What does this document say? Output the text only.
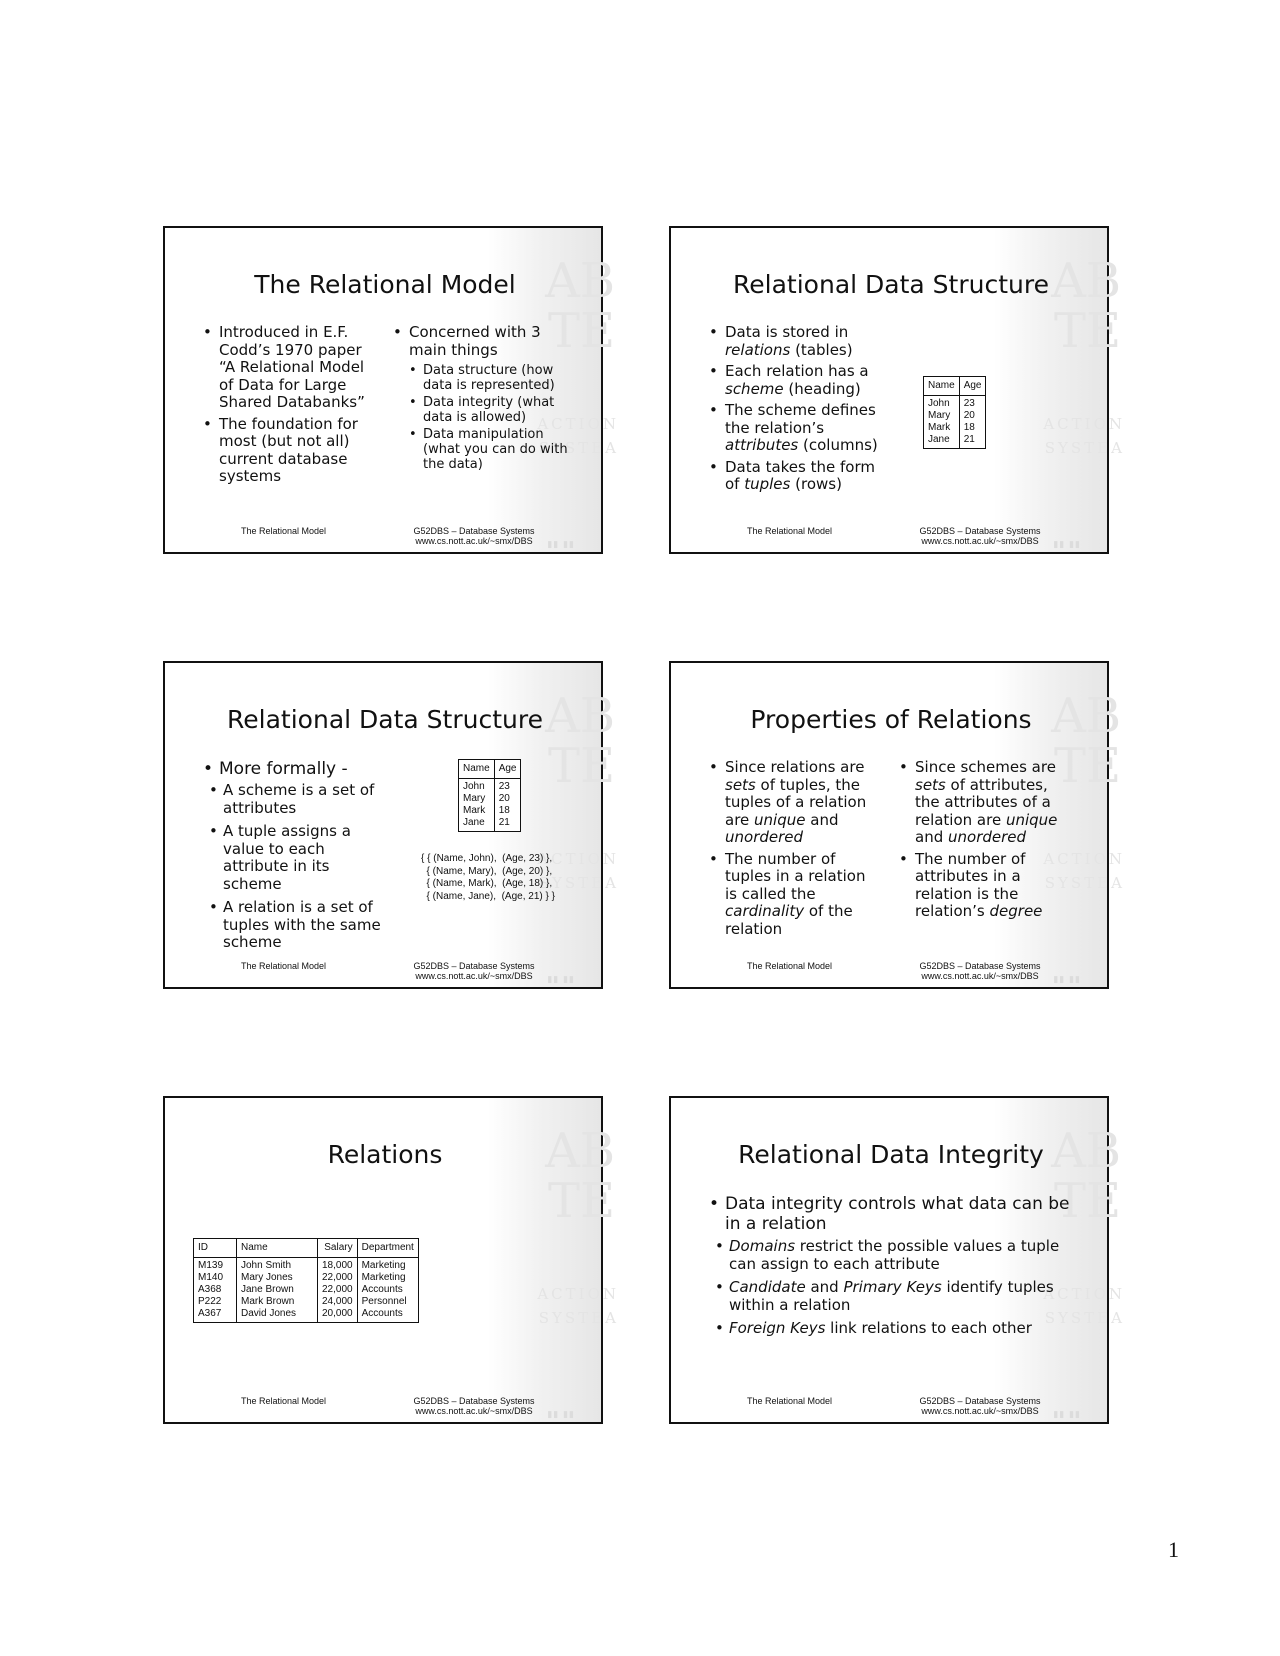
AB
TE
ACTION
SYSTEA
▮▮ ▮▮
The Relational Model
• Introduced in E.F. Codd’s 1970 paper “A Relational Model of Data for Large Shared Databanks”
• The foundation for most (but not all) current database systems
• Concerned with 3 main things
• Data structure (how data is represented)
• Data integrity (what data is allowed)
• Data manipulation (what you can do with the data)
The Relational Model	G52DBS – Database Systems
www.cs.nott.ac.uk/~smx/DBS
AB
TE
ACTION
SYSTEA
▮▮ ▮▮
Relational Data Structure
• Data is stored in relations (tables)
• Each relation has a scheme (heading)
• The scheme defines the relation’s attributes (columns)
• Data takes the form of tuples (rows)
Name	Age
John	23
Mary	20
Mark	18
Jane	21
The Relational Model	G52DBS – Database Systems
www.cs.nott.ac.uk/~smx/DBS
AB
TE
ACTION
SYSTEA
▮▮ ▮▮
Relational Data Structure
• More formally -
• A scheme is a set of attributes
• A tuple assigns a value to each attribute in its scheme
• A relation is a set of tuples with the same scheme
Name	Age
John	23
Mary	20
Mark	18
Jane	21
{ { (Name, John),  (Age, 23) },
{ (Name, Mary),  (Age, 20) },
{ (Name, Mark),  (Age, 18) },
{ (Name, Jane),  (Age, 21) } }
The Relational Model	G52DBS – Database Systems
www.cs.nott.ac.uk/~smx/DBS
AB
TE
ACTION
SYSTEA
▮▮ ▮▮
Properties of Relations
• Since relations are sets of tuples, the tuples of a relation are unique and unordered
• The number of tuples in a relation is called the cardinality of the relation
• Since schemes are sets of attributes, the attributes of a relation are unique and unordered
• The number of attributes in a relation is the relation’s degree
The Relational Model	G52DBS – Database Systems
www.cs.nott.ac.uk/~smx/DBS
AB
TE
ACTION
SYSTEA
▮▮ ▮▮
Relations
ID	Name	Salary	Department
M139	John Smith	18,000	Marketing
M140	Mary Jones	22,000	Marketing
A368	Jane Brown	22,000	Accounts
P222	Mark Brown	24,000	Personnel
A367	David Jones	20,000	Accounts
The Relational Model	G52DBS – Database Systems
www.cs.nott.ac.uk/~smx/DBS
AB
TE
ACTION
SYSTEA
▮▮ ▮▮
Relational Data Integrity
• Data integrity controls what data can be in a relation
• Domains restrict the possible values a tuple can assign to each attribute
• Candidate and Primary Keys identify tuples within a relation
• Foreign Keys link relations to each other
The Relational Model	G52DBS – Database Systems
www.cs.nott.ac.uk/~smx/DBS
1
